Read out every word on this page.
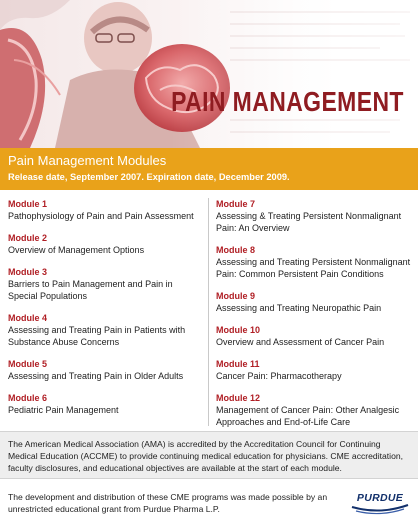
PAIN MANAGEMENT
Pain Management Modules
Release date, September 2007. Expiration date, December 2009.
Module 1
Pathophysiology of Pain and Pain Assessment
Module 2
Overview of Management Options
Module 3
Barriers to Pain Management and Pain in Special Populations
Module 4
Assessing and Treating Pain in Patients with Substance Abuse Concerns
Module 5
Assessing and Treating Pain in Older Adults
Module 6
Pediatric Pain Management
Module 7
Assessing & Treating Persistent Nonmalignant Pain: An Overview
Module 8
Assessing and Treating Persistent Nonmalignant Pain: Common Persistent Pain Conditions
Module 9
Assessing and Treating Neuropathic Pain
Module 10
Overview and Assessment of Cancer Pain
Module 11
Cancer Pain: Pharmacotherapy
Module 12
Management of Cancer Pain: Other Analgesic Approaches and End-of-Life Care
The American Medical Association (AMA) is accredited by the Accreditation Council for Continuing Medical Education (ACCME) to provide continuing medical education for physicians. CME accreditation, faculty disclosures, and educational objectives are available at the start of each module.
The development and distribution of these CME programs was made possible by an unrestricted educational grant from Purdue Pharma L.P.
PURDUE
